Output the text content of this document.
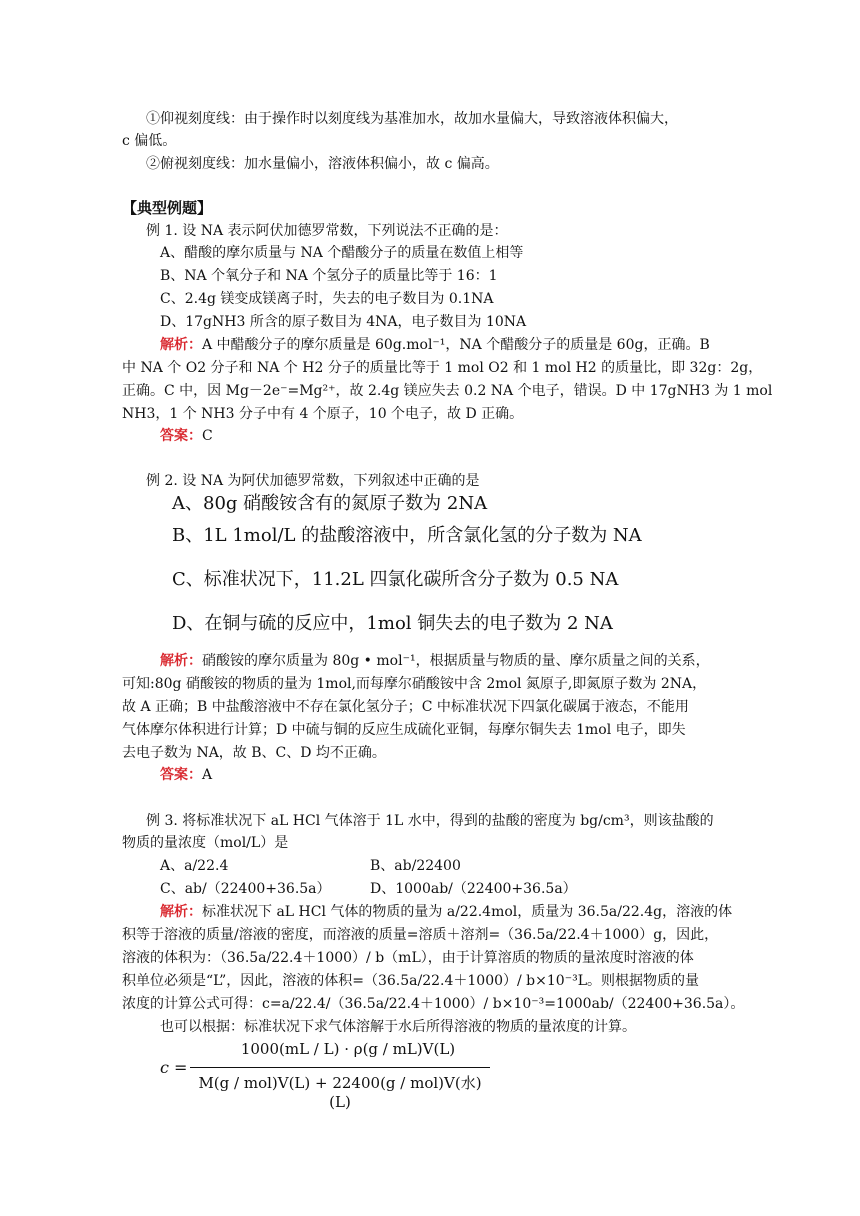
①仰视刻度线：由于操作时以刻度线为基准加水，故加水量偏大，导致溶液体积偏大，
c 偏低。
②俯视刻度线：加水量偏小，溶液体积偏小，故 c 偏高。
【典型例题】
例 1. 设 NA 表示阿伏加德罗常数，下列说法不正确的是：
A、醋酸的摩尔质量与 NA 个醋酸分子的质量在数值上相等
B、NA 个氧分子和 NA 个氢分子的质量比等于 16：1
C、2.4g 镁变成镁离子时，失去的电子数目为 0.1NA
D、17gNH3 所含的原子数目为 4NA，电子数目为 10NA
解析：A 中醋酸分子的摩尔质量是 60g.mol⁻¹，NA 个醋酸分子的质量是 60g，正确。B
中 NA 个 O2 分子和 NA 个 H2 分子的质量比等于 1 mol O2 和 1 mol H2 的质量比，即 32g：2g，
正确。C 中，因 Mg－2e⁻=Mg²⁺，故 2.4g 镁应失去 0.2 NA 个电子，错误。D 中 17gNH3 为 1 mol
NH3，1 个 NH3 分子中有 4 个原子，10 个电子，故 D 正确。
答案：C
例 2. 设 NA 为阿伏加德罗常数，下列叙述中正确的是
A、80g 硝酸铵含有的氮原子数为 2NA
B、1L 1mol/L 的盐酸溶液中，所含氯化氢的分子数为 NA
C、标准状况下，11.2L 四氯化碳所含分子数为 0.5 NA
D、在铜与硫的反应中，1mol 铜失去的电子数为 2 NA
解析：硝酸铵的摩尔质量为 80g • mol⁻¹，根据质量与物质的量、摩尔质量之间的关系，
可知:80g 硝酸铵的物质的量为 1mol,而每摩尔硝酸铵中含 2mol 氮原子,即氮原子数为 2NA，
故 A 正确；B 中盐酸溶液中不存在氯化氢分子；C 中标准状况下四氯化碳属于液态，不能用
气体摩尔体积进行计算；D 中硫与铜的反应生成硫化亚铜，每摩尔铜失去 1mol 电子，即失
去电子数为 NA，故 B、C、D 均不正确。
答案：A
例 3. 将标准状况下 aL HCl 气体溶于 1L 水中，得到的盐酸的密度为 bg/cm³，则该盐酸的
物质的量浓度（mol/L）是
A、a/22.4	B、ab/22400
C、ab/（22400+36.5a）	D、1000ab/（22400+36.5a）
解析：标准状况下 aL HCl 气体的物质的量为 a/22.4mol，质量为 36.5a/22.4g，溶液的体
积等于溶液的质量/溶液的密度，而溶液的质量=溶质＋溶剂=（36.5a/22.4＋1000）g，因此，
溶液的体积为：（36.5a/22.4＋1000）/ b（mL），由于计算溶质的物质的量浓度时溶液的体
积单位必须是“L”，因此，溶液的体积=（36.5a/22.4＋1000）/ b×10⁻³L。则根据物质的量
浓度的计算公式可得：c=a/22.4/（36.5a/22.4＋1000）/ b×10⁻³=1000ab/（22400+36.5a）。
也可以根据：标准状况下求气体溶解于水后所得溶液的物质的量浓度的计算。
c =
1000(mL / L) · ρ(g / mL)V(L)
M(g / mol)V(L) + 22400(g / mol)V(水)(L)
